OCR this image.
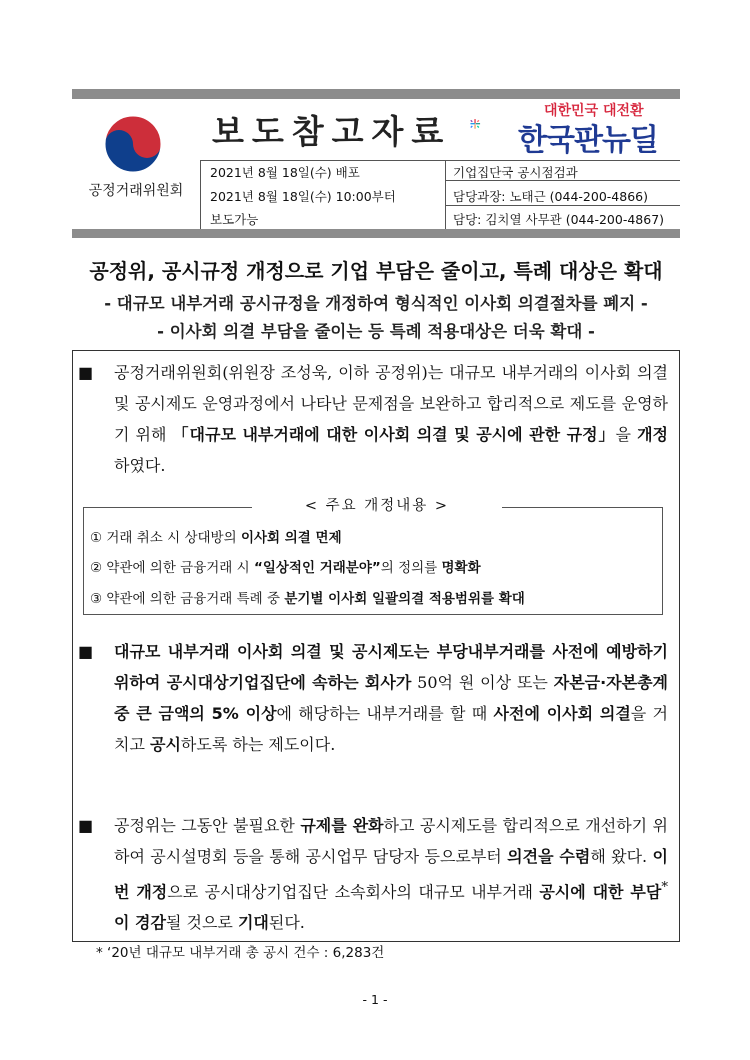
공정거래위원회
보도참고자료
대한민국 대전환
한국판뉴딜
2021년 8월 18일(수) 배포
2021년 8월 18일(수) 10:00부터
보도가능
기업집단국 공시점검과
담당과장: 노태근 (044-200-4866)
담당: 김치열 사무관 (044-200-4867)
공정위, 공시규정 개정으로 기업 부담은 줄이고, 특례 대상은 확대
- 대규모 내부거래 공시규정을 개정하여 형식적인 이사회 의결절차를 폐지 -
- 이사회 의결 부담을 줄이는 등 특례 적용대상은 더욱 확대 -
■ 공정거래위원회(위원장 조성욱, 이하 공정위)는 대규모 내부거래의 이사회 의결 및 공시제도 운영과정에서 나타난 문제점을 보완하고 합리적으로 제도를 운영하기 위해 「대규모 내부거래에 대한 이사회 의결 및 공시에 관한 규정」을 개정하였다.
< 주요 개정내용 >
① 거래 취소 시 상대방의 이사회 의결 면제
② 약관에 의한 금융거래 시 “일상적인 거래분야”의 정의를 명확화
③ 약관에 의한 금융거래 특례 중 분기별 이사회 일괄의결 적용범위를 확대
■ 대규모 내부거래 이사회 의결 및 공시제도는 부당내부거래를 사전에 예방하기 위하여 공시대상기업집단에 속하는 회사가 50억 원 이상 또는 자본금·자본총계 중 큰 금액의 5% 이상에 해당하는 내부거래를 할 때 사전에 이사회 의결을 거치고 공시하도록 하는 제도이다.
■ 공정위는 그동안 불필요한 규제를 완화하고 공시제도를 합리적으로 개선하기 위하여 공시설명회 등을 통해 공시업무 담당자 등으로부터 의견을 수렴해 왔다. 이번 개정으로 공시대상기업집단 소속회사의 대규모 내부거래 공시에 대한 부담*이 경감될 것으로 기대된다.
* ‘20년 대규모 내부거래 총 공시 건수 : 6,283건
- 1 -
